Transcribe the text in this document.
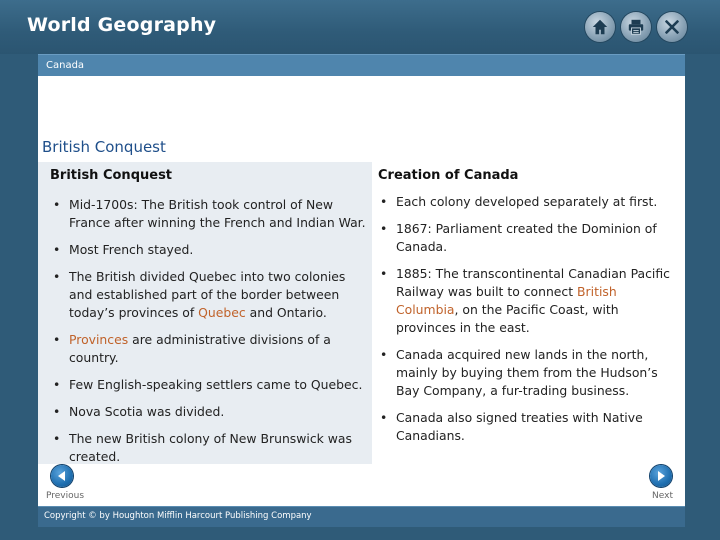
World Geography
Canada
British Conquest
British Conquest
• Mid-1700s: The British took control of New France after winning the French and Indian War.
• Most French stayed.
• The British divided Quebec into two colonies and established part of the border between today’s provinces of Quebec and Ontario.
• Provinces are administrative divisions of a country.
• Few English-speaking settlers came to Quebec.
• Nova Scotia was divided.
• The new British colony of New Brunswick was created.
Creation of Canada
• Each colony developed separately at first.
• 1867: Parliament created the Dominion of Canada.
• 1885: The transcontinental Canadian Pacific Railway was built to connect British Columbia, on the Pacific Coast, with provinces in the east.
• Canada acquired new lands in the north, mainly by buying them from the Hudson’s Bay Company, a fur-trading business.
• Canada also signed treaties with Native Canadians.
Previous	Next
Copyright © by Houghton Mifflin Harcourt Publishing Company
